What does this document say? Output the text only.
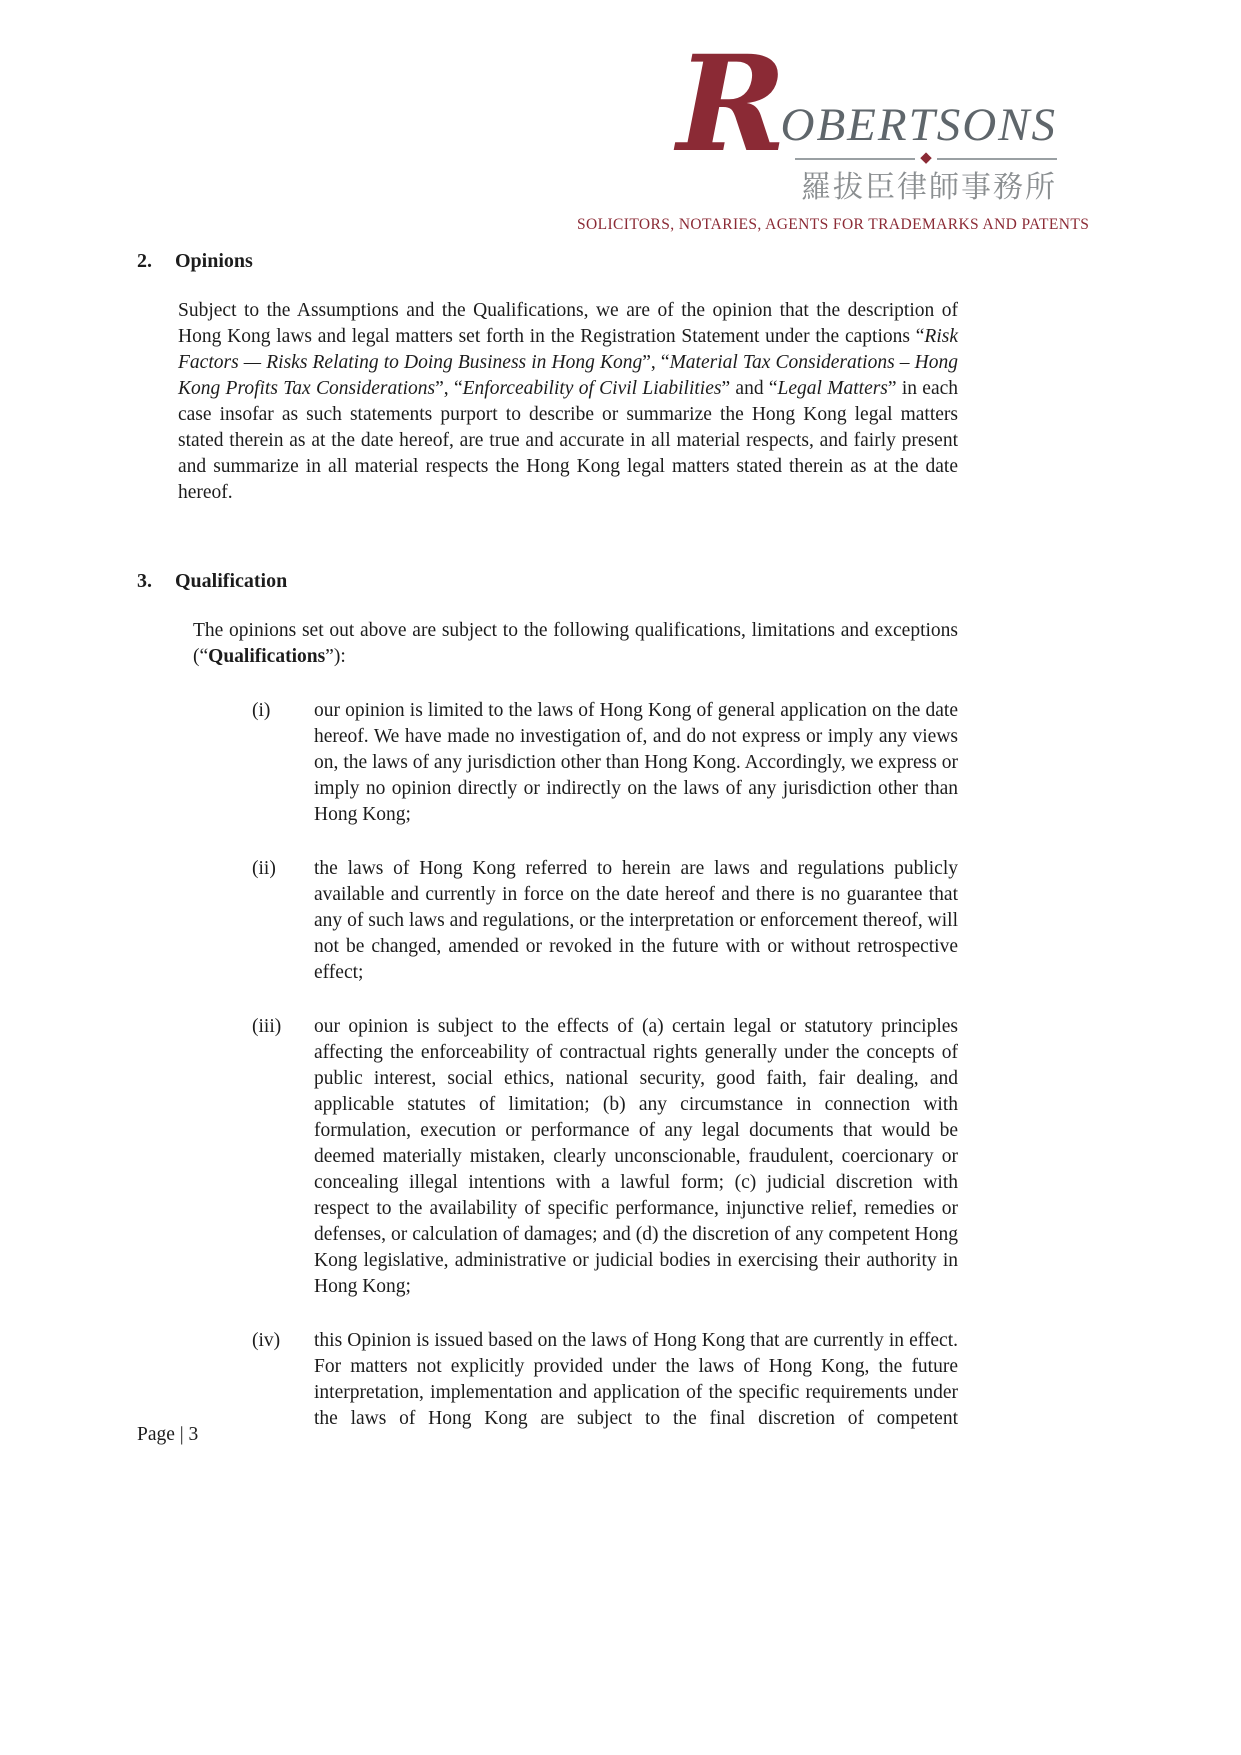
R
OBERTSONS
◆
羅拔臣律師事務所
SOLICITORS, NOTARIES, AGENTS FOR TRADEMARKS AND PATENTS
2.	Opinions

Subject to the Assumptions and the Qualifications, we are of the opinion that the description of Hong Kong laws and legal matters set forth in the Registration Statement under the captions “Risk Factors — Risks Relating to Doing Business in Hong Kong”, “Material Tax Considerations – Hong Kong Profits Tax Considerations”, “Enforceability of Civil Liabilities” and “Legal Matters” in each case insofar as such statements purport to describe or summarize the Hong Kong legal matters stated therein as at the date hereof, are true and accurate in all material respects, and fairly present and summarize in all material respects the Hong Kong legal matters stated therein as at the date hereof.

3.	Qualification

The opinions set out above are subject to the following qualifications, limitations and exceptions (“Qualifications”):

(i)	our opinion is limited to the laws of Hong Kong of general application on the date hereof. We have made no investigation of, and do not express or imply any views on, the laws of any jurisdiction other than Hong Kong. Accordingly, we express or imply no opinion directly or indirectly on the laws of any jurisdiction other than Hong Kong;

(ii)	the laws of Hong Kong referred to herein are laws and regulations publicly available and currently in force on the date hereof and there is no guarantee that any of such laws and regulations, or the interpretation or enforcement thereof, will not be changed, amended or revoked in the future with or without retrospective effect;

(iii)	our opinion is subject to the effects of (a) certain legal or statutory principles affecting the enforceability of contractual rights generally under the concepts of public interest, social ethics, national security, good faith, fair dealing, and applicable statutes of limitation; (b) any circumstance in connection with formulation, execution or performance of any legal documents that would be deemed materially mistaken, clearly unconscionable, fraudulent, coercionary or concealing illegal intentions with a lawful form; (c) judicial discretion with respect to the availability of specific performance, injunctive relief, remedies or defenses, or calculation of damages; and (d) the discretion of any competent Hong Kong legislative, administrative or judicial bodies in exercising their authority in Hong Kong;

(iv)	this Opinion is issued based on the laws of Hong Kong that are currently in effect. For matters not explicitly provided under the laws of Hong Kong, the future interpretation, implementation and application of the specific requirements under the laws of Hong Kong are subject to the final discretion of competent

Page | 3
